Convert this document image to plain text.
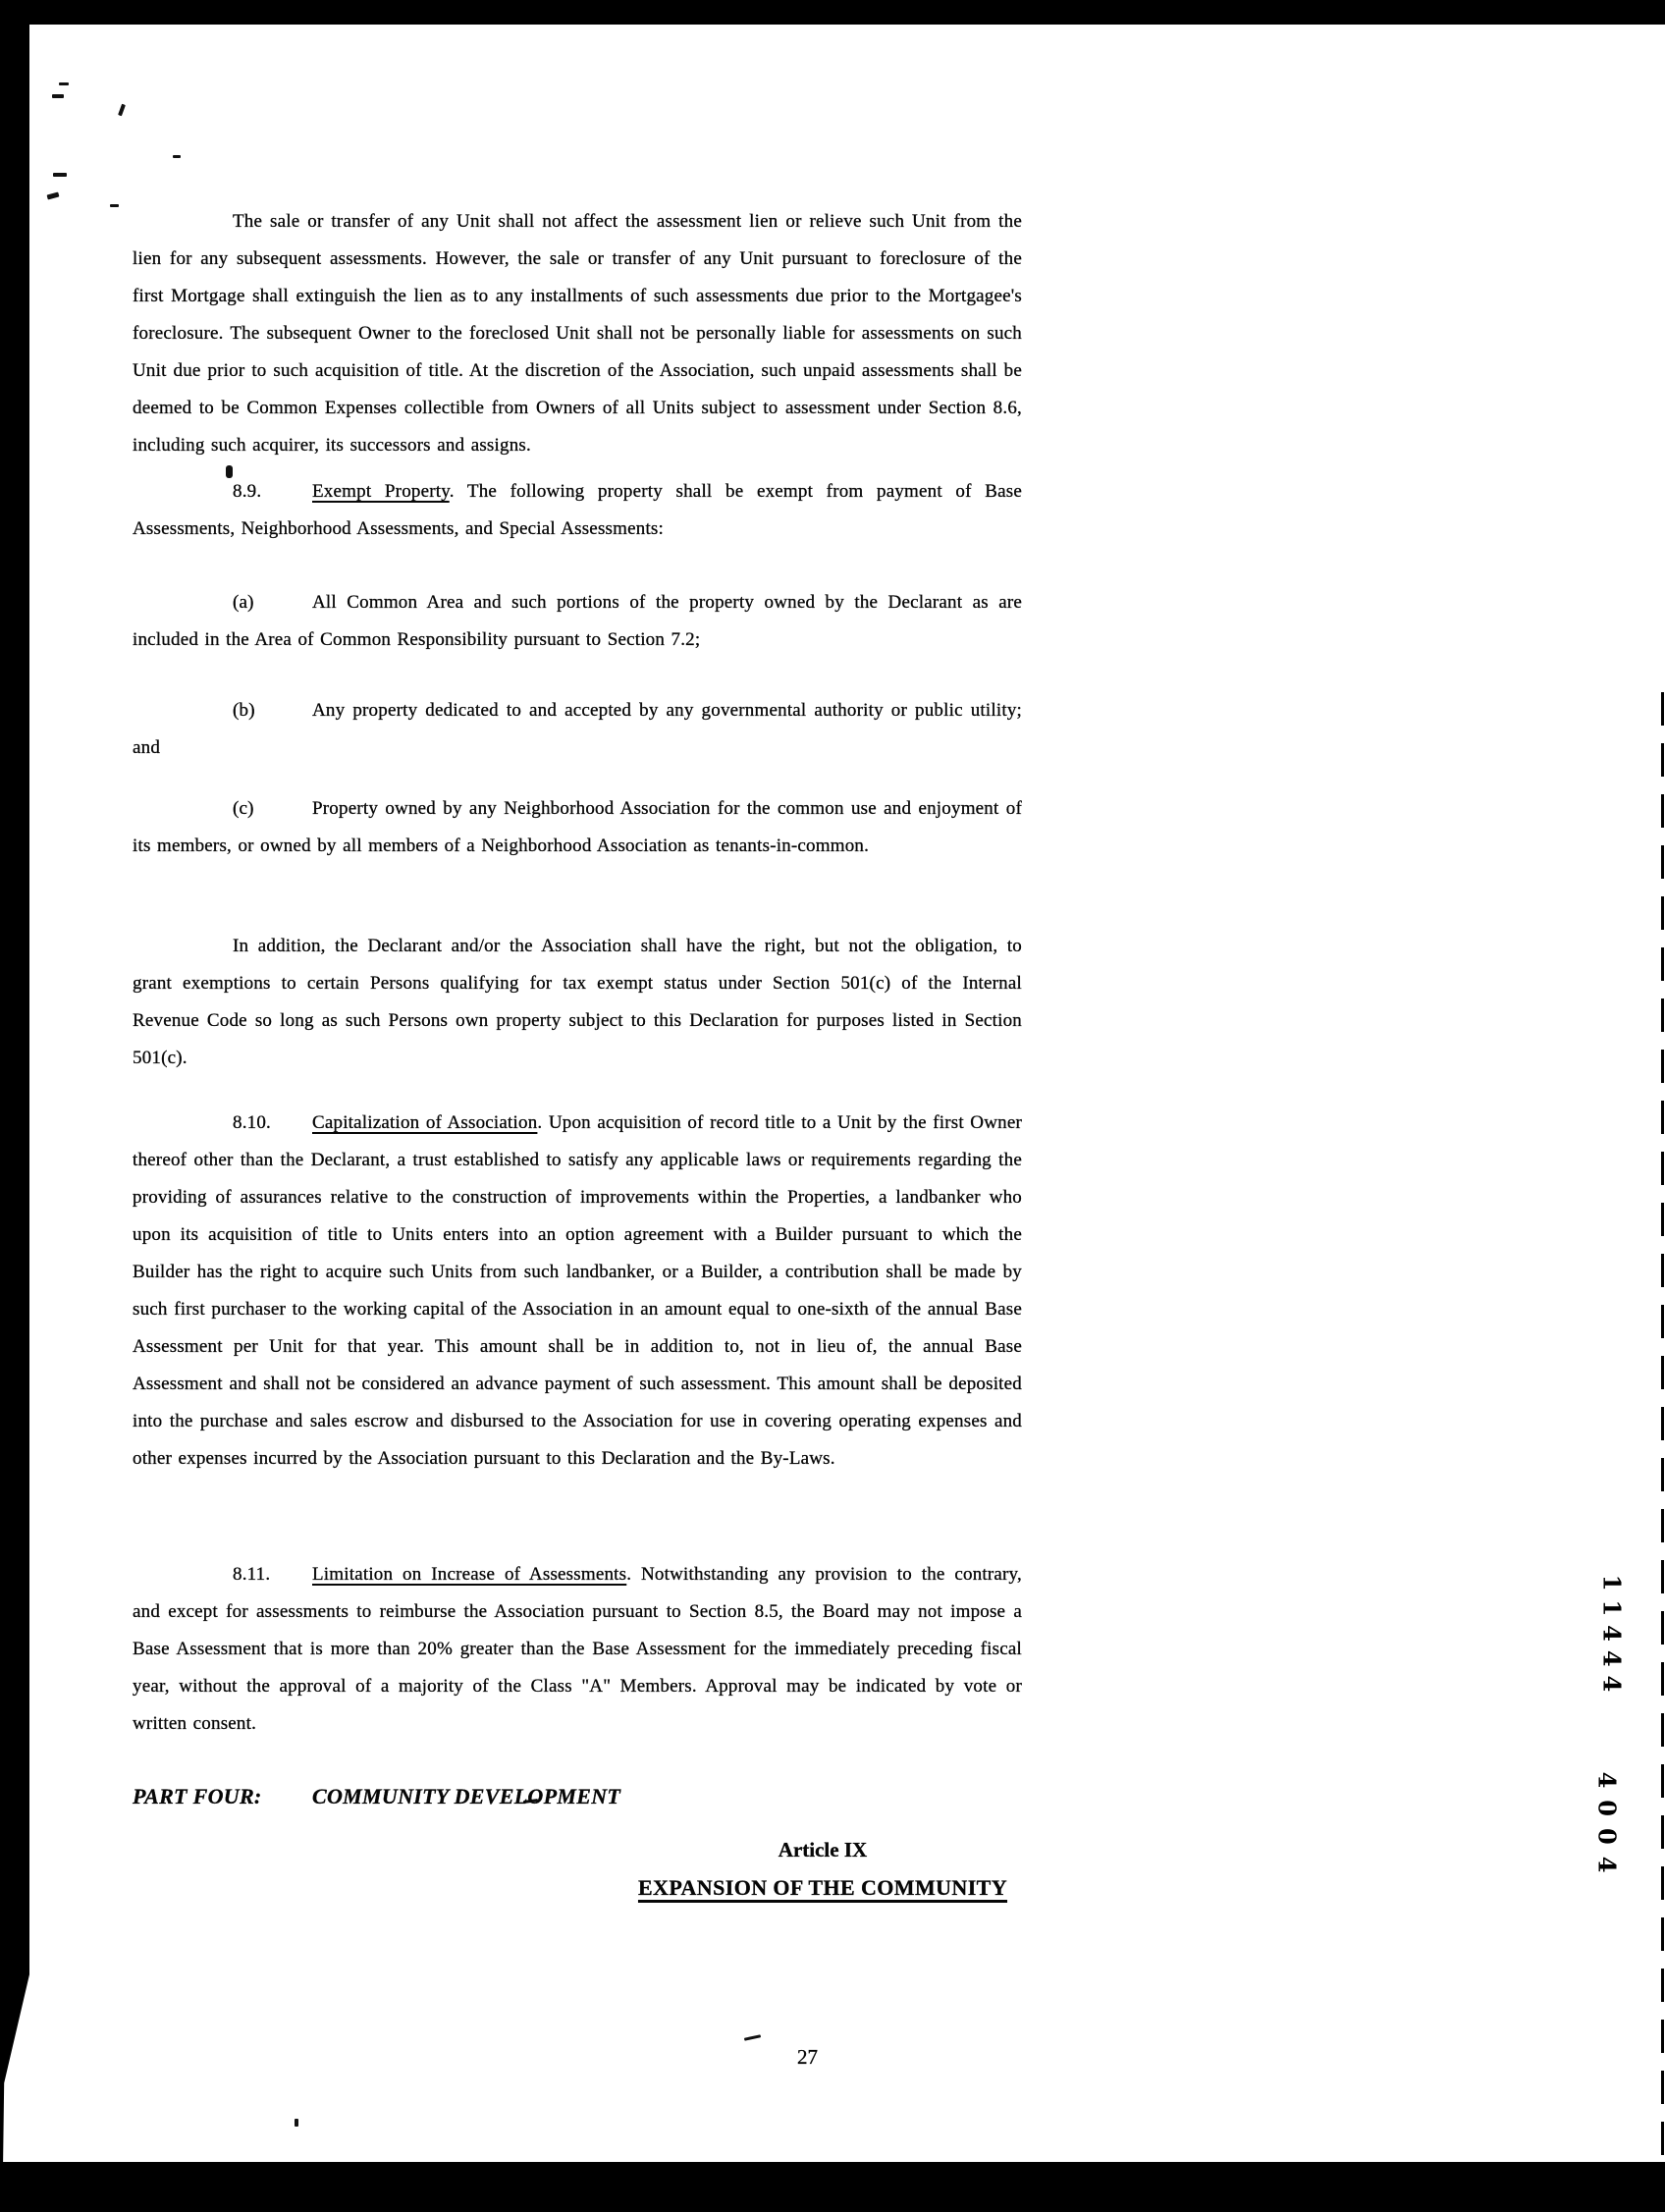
The sale or transfer of any Unit shall not affect the assessment lien or relieve such Unit from the lien for any subsequent assessments. However, the sale or transfer of any Unit pursuant to foreclosure of the first Mortgage shall extinguish the lien as to any installments of such assessments due prior to the Mortgagee's foreclosure. The subsequent Owner to the foreclosed Unit shall not be personally liable for assessments on such Unit due prior to such acquisition of title. At the discretion of the Association, such unpaid assessments shall be deemed to be Common Expenses collectible from Owners of all Units subject to assessment under Section 8.6, including such acquirer, its successors and assigns.
8.9.	Exempt Property. The following property shall be exempt from payment of Base Assessments, Neighborhood Assessments, and Special Assessments:
(a)	All Common Area and such portions of the property owned by the Declarant as are included in the Area of Common Responsibility pursuant to Section 7.2;
(b)	Any property dedicated to and accepted by any governmental authority or public utility; and
(c)	Property owned by any Neighborhood Association for the common use and enjoyment of its members, or owned by all members of a Neighborhood Association as tenants-in-common.
In addition, the Declarant and/or the Association shall have the right, but not the obligation, to grant exemptions to certain Persons qualifying for tax exempt status under Section 501(c) of the Internal Revenue Code so long as such Persons own property subject to this Declaration for purposes listed in Section 501(c).
8.10. Capitalization of Association. Upon acquisition of record title to a Unit by the first Owner thereof other than the Declarant, a trust established to satisfy any applicable laws or requirements regarding the providing of assurances relative to the construction of improvements within the Properties, a landbanker who upon its acquisition of title to Units enters into an option agreement with a Builder pursuant to which the Builder has the right to acquire such Units from such landbanker, or a Builder, a contribution shall be made by such first purchaser to the working capital of the Association in an amount equal to one-sixth of the annual Base Assessment per Unit for that year. This amount shall be in addition to, not in lieu of, the annual Base Assessment and shall not be considered an advance payment of such assessment. This amount shall be deposited into the purchase and sales escrow and disbursed to the Association for use in covering operating expenses and other expenses incurred by the Association pursuant to this Declaration and the By-Laws.
8.11. Limitation on Increase of Assessments. Notwithstanding any provision to the contrary, and except for assessments to reimburse the Association pursuant to Section 8.5, the Board may not impose a Base Assessment that is more than 20% greater than the Base Assessment for the immediately preceding fiscal year, without the approval of a majority of the Class "A" Members. Approval may be indicated by vote or written consent.
PART FOUR: COMMUNITY DEVELOPMENT
Article IX
EXPANSION OF THE COMMUNITY
27
11444
4004
